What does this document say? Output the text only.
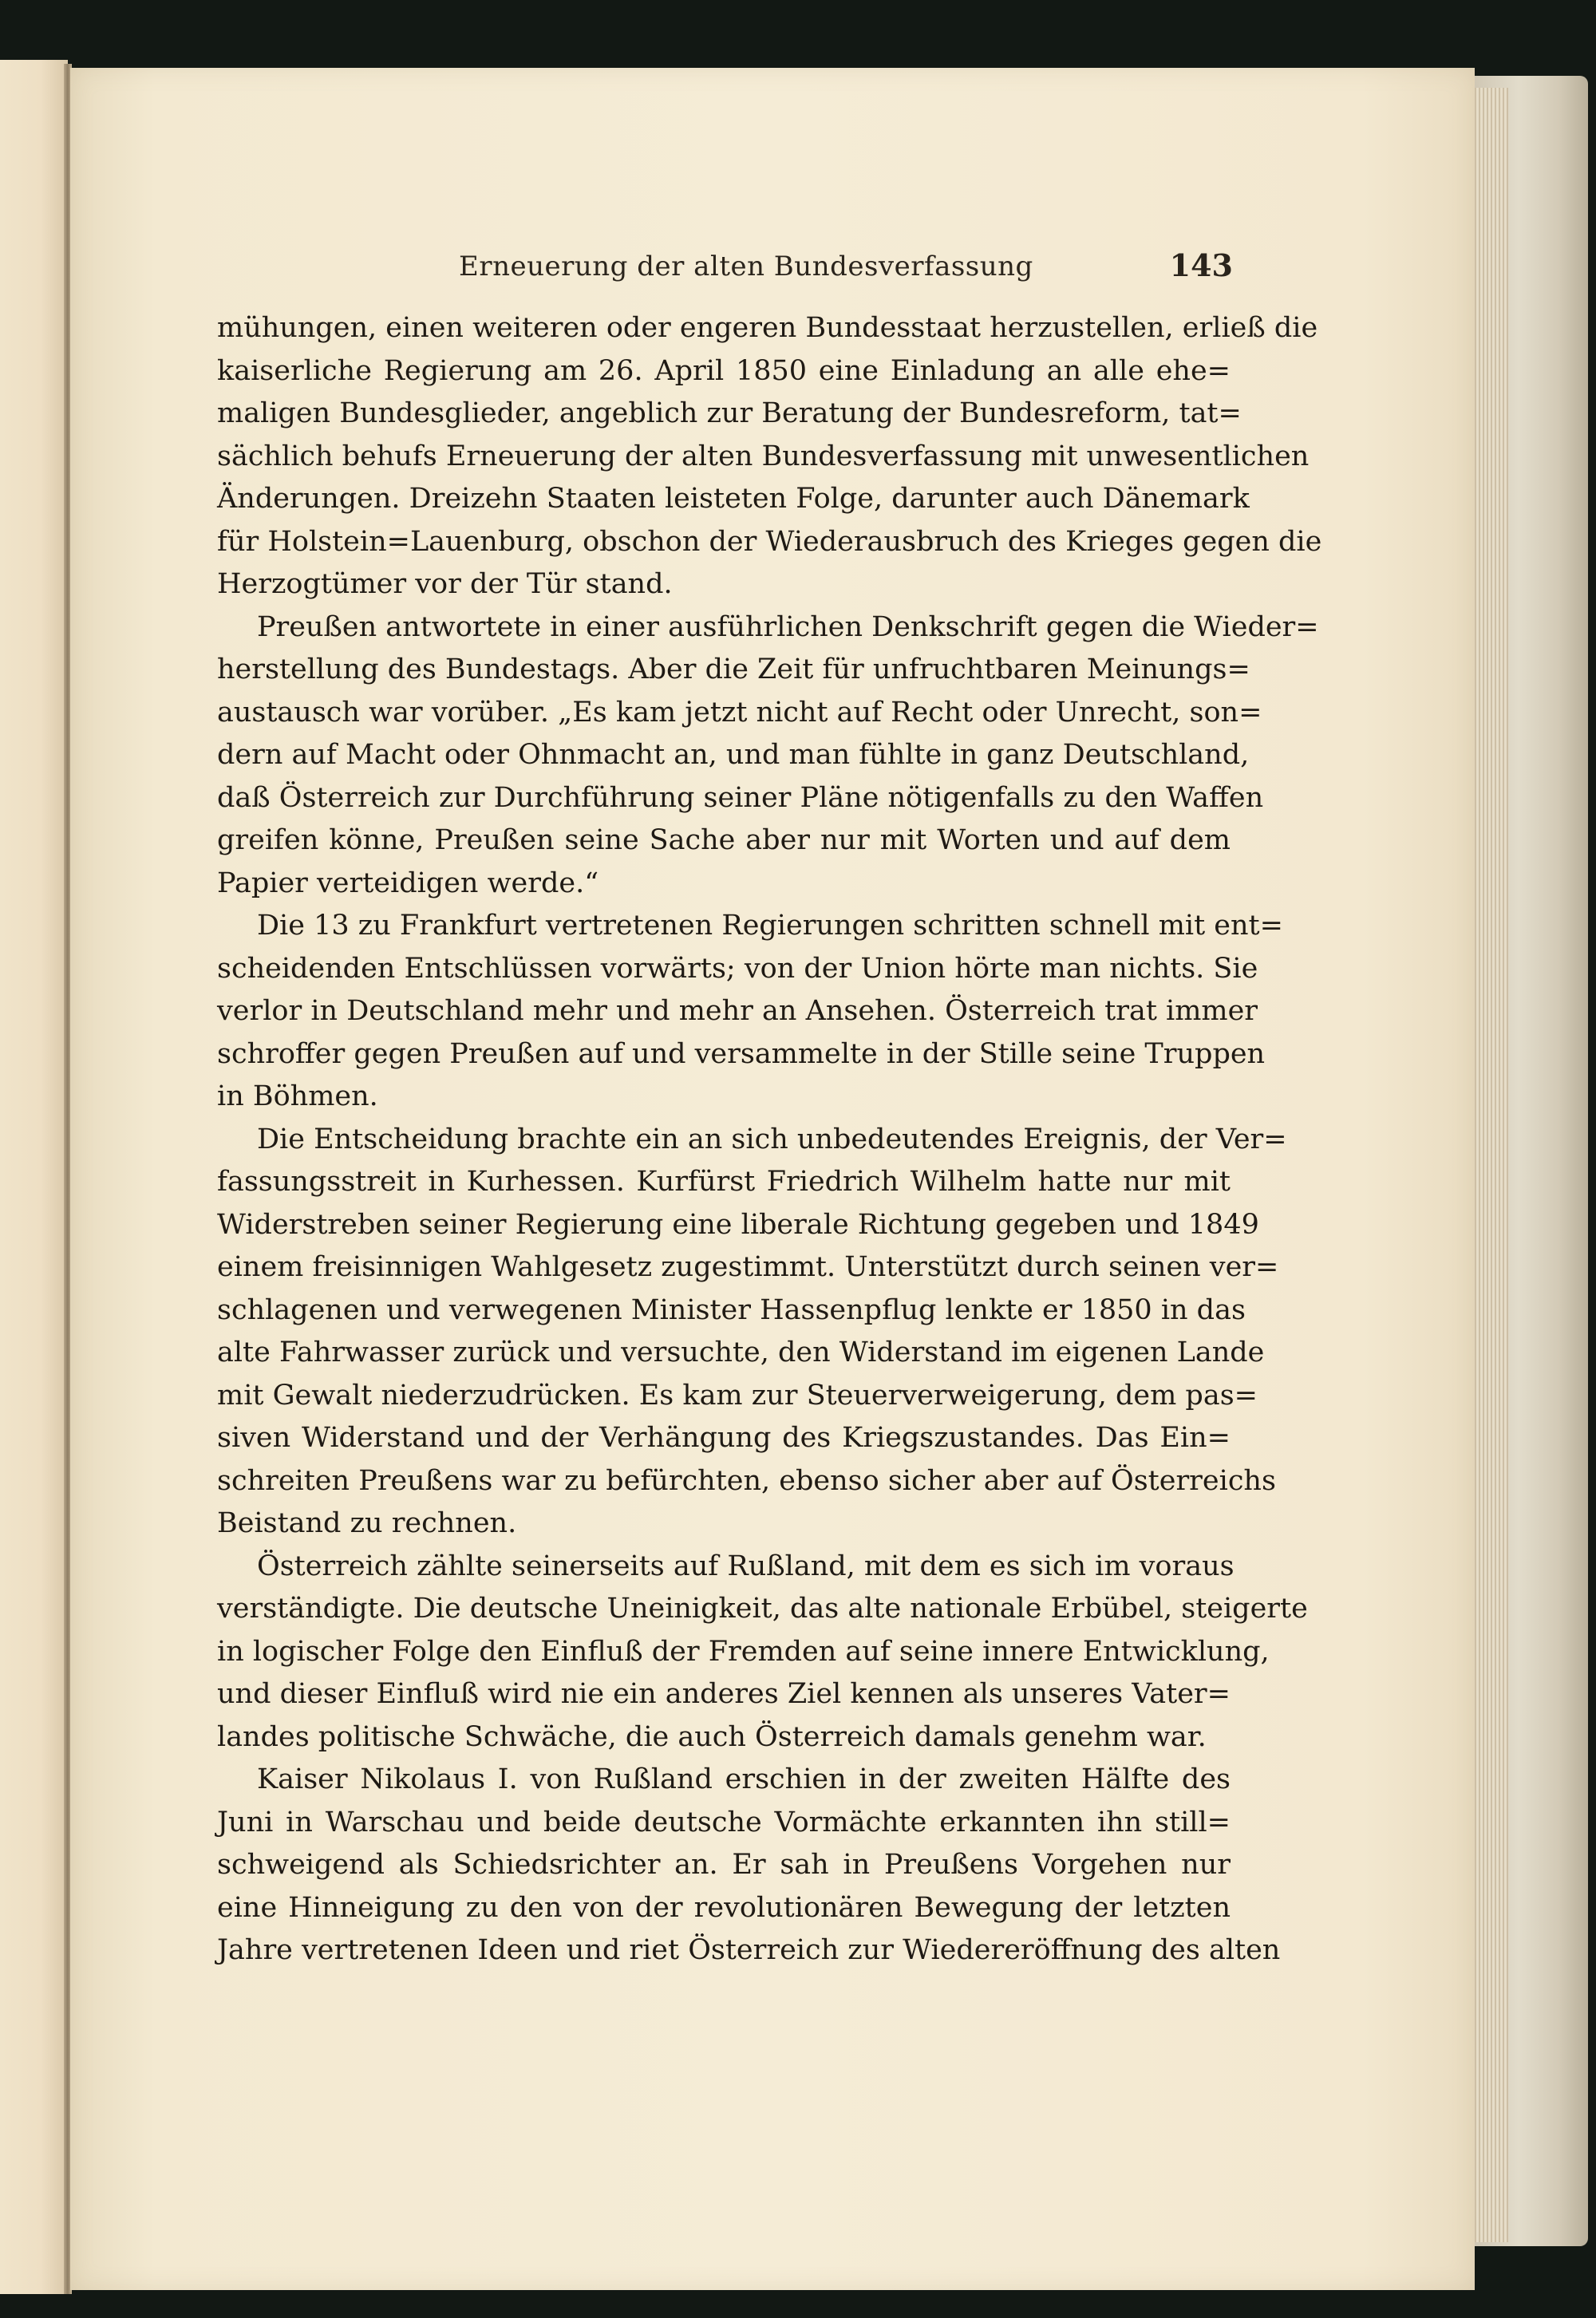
Erneuerung der alten Bundesverfassung	143

mühungen, einen weiteren oder engeren Bundesstaat herzustellen, erließ die
kaiserliche Regierung am 26. April 1850 eine Einladung an alle ehe=
maligen Bundesglieder, angeblich zur Beratung der Bundesreform, tat=
sächlich behufs Erneuerung der alten Bundesverfassung mit unwesentlichen
Änderungen. Dreizehn Staaten leisteten Folge, darunter auch Dänemark
für Holstein=Lauenburg, obschon der Wiederausbruch des Krieges gegen die
Herzogtümer vor der Tür stand.

Preußen antwortete in einer ausführlichen Denkschrift gegen die Wieder=
herstellung des Bundestags. Aber die Zeit für unfruchtbaren Meinungs=
austausch war vorüber. „Es kam jetzt nicht auf Recht oder Unrecht, son=
dern auf Macht oder Ohnmacht an, und man fühlte in ganz Deutschland,
daß Österreich zur Durchführung seiner Pläne nötigenfalls zu den Waffen
greifen könne, Preußen seine Sache aber nur mit Worten und auf dem
Papier verteidigen werde.“

Die 13 zu Frankfurt vertretenen Regierungen schritten schnell mit ent=
scheidenden Entschlüssen vorwärts; von der Union hörte man nichts. Sie
verlor in Deutschland mehr und mehr an Ansehen. Österreich trat immer
schroffer gegen Preußen auf und versammelte in der Stille seine Truppen
in Böhmen.

Die Entscheidung brachte ein an sich unbedeutendes Ereignis, der Ver=
fassungsstreit in Kurhessen. Kurfürst Friedrich Wilhelm hatte nur mit
Widerstreben seiner Regierung eine liberale Richtung gegeben und 1849
einem freisinnigen Wahlgesetz zugestimmt. Unterstützt durch seinen ver=
schlagenen und verwegenen Minister Hassenpflug lenkte er 1850 in das
alte Fahrwasser zurück und versuchte, den Widerstand im eigenen Lande
mit Gewalt niederzudrücken. Es kam zur Steuerverweigerung, dem pas=
siven Widerstand und der Verhängung des Kriegszustandes. Das Ein=
schreiten Preußens war zu befürchten, ebenso sicher aber auf Österreichs
Beistand zu rechnen.

Österreich zählte seinerseits auf Rußland, mit dem es sich im voraus
verständigte. Die deutsche Uneinigkeit, das alte nationale Erbübel, steigerte
in logischer Folge den Einfluß der Fremden auf seine innere Entwicklung,
und dieser Einfluß wird nie ein anderes Ziel kennen als unseres Vater=
landes politische Schwäche, die auch Österreich damals genehm war.

Kaiser Nikolaus I. von Rußland erschien in der zweiten Hälfte des
Juni in Warschau und beide deutsche Vormächte erkannten ihn still=
schweigend als Schiedsrichter an. Er sah in Preußens Vorgehen nur
eine Hinneigung zu den von der revolutionären Bewegung der letzten
Jahre vertretenen Ideen und riet Österreich zur Wiedereröffnung des alten
